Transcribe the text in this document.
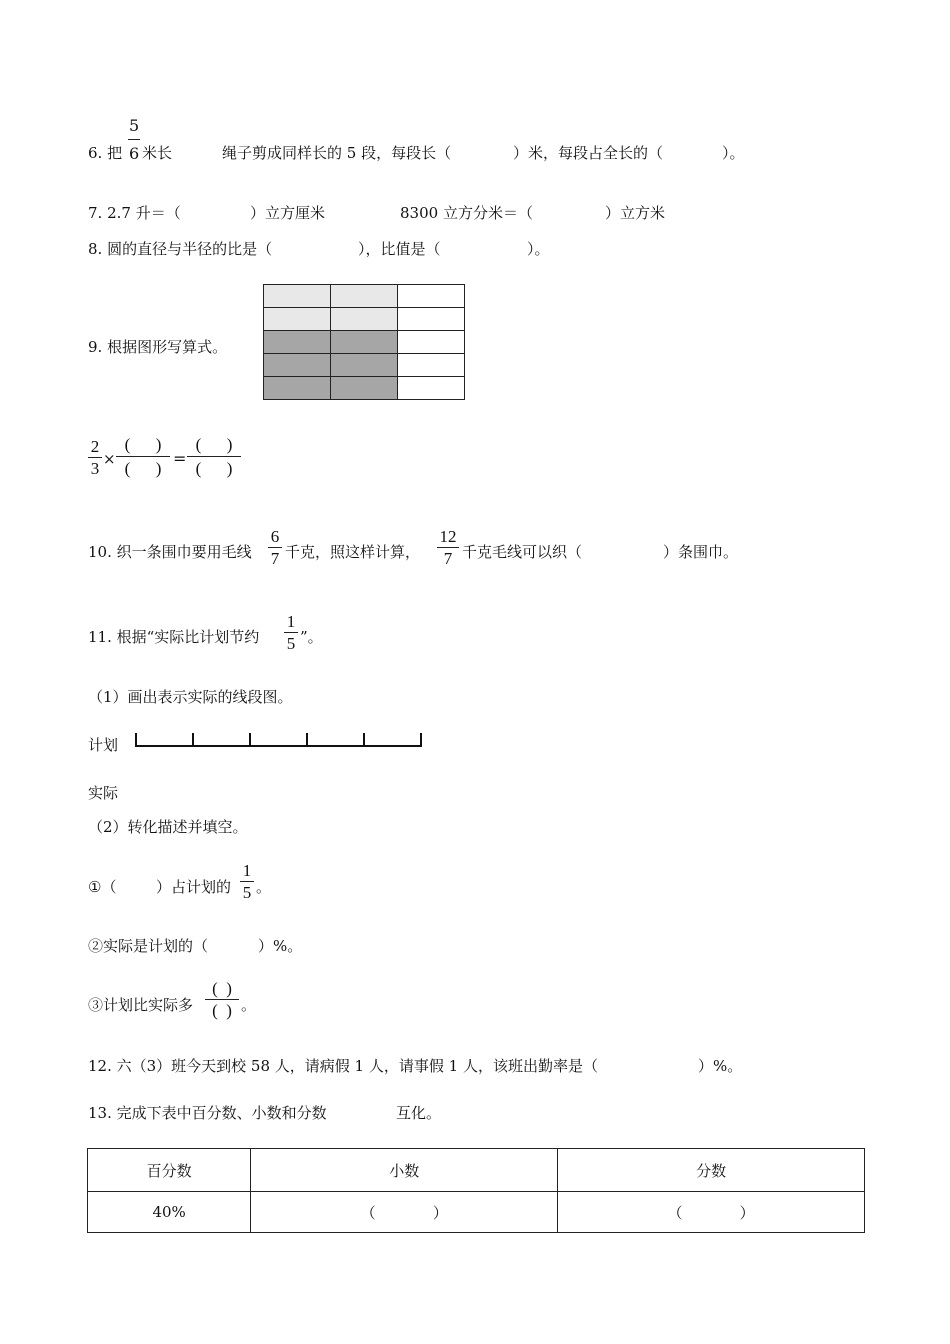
6. 把
5
6 米长	绳子剪成同样长的 5 段，每段长（	）米，每段占全长的（	）。
7. 2.7 升＝（	）立方厘米	8300 立方分米＝（	）立方米
8. 圆的直径与半径的比是（	），比值是（	）。
9. 根据图形写算式。

2
3 ×
(      )
(      )
=
(      )
(      )
10. 织一条围巾要用毛线
6
7 千克，照这样计算，
12
7 千克毛线可以织（	）条围巾。
11. 根据“实际比计划节约
1
5 ”。
（1）画出表示实际的线段图。
计划
实际
（2）转化描述并填空。
①（	）占计划的
1
5 。
②实际是计划的（	）%。
③计划比实际多
(  )
(  ) 。
12. 六（3）班今天到校 58 人，请病假 1 人，请事假 1 人，该班出勤率是（	）%。
13. 完成下表中百分数、小数和分数	互化。
百分数	小数	分数
40%	（            ）	（            ）
